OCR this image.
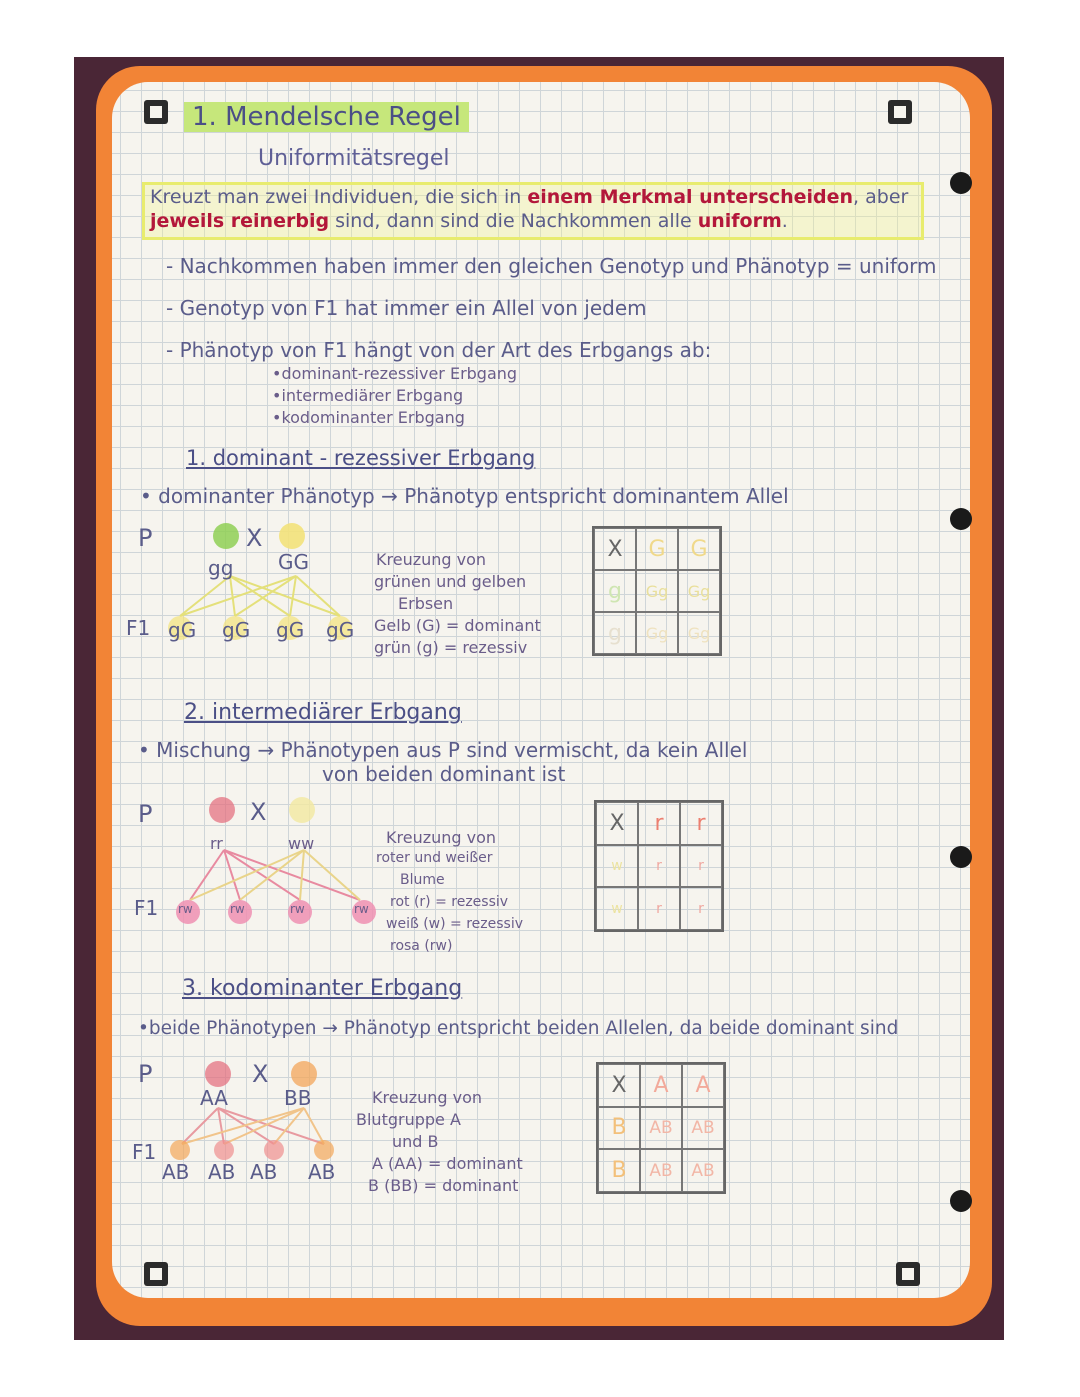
1. Mendelsche Regel
Uniformitätsregel
Kreuzt man zwei Individuen, die sich in einem Merkmal unterscheiden, aber
jeweils reinerbig sind, dann sind die Nachkommen alle uniform.
- Nachkommen haben immer den gleichen Genotyp und Phänotyp = uniform
- Genotyp von F1 hat immer ein Allel von jedem
- Phänotyp von F1 hängt von der Art des Erbgangs ab:
•dominant-rezessiver Erbgang
•intermediärer Erbgang
•kodominanter Erbgang
1. dominant - rezessiver Erbgang
• dominanter Phänotyp → Phänotyp entspricht dominantem Allel
P	X
gg GG
F1 gG gG gG gG
Kreuzung von
grünen und gelben
Erbsen
Gelb (G) = dominant
grün (g) = rezessiv
X	G	G
g	Gg	Gg
g	Gg	Gg
2. intermediärer Erbgang
• Mischung → Phänotypen aus P sind vermischt, da kein Allel
von beiden dominant ist
P	X
rr	ww
F1 rw	rw	rw	rw
Kreuzung von
roter und weißer
Blume
rot (r) = rezessiv
weiß (w) = rezessiv
rosa (rw)
X	r	r
w	r	r
w	r	r
3. kodominanter Erbgang
•beide Phänotypen → Phänotyp entspricht beiden Allelen, da beide dominant sind
P	X
AA	BB
F1
AB AB AB AB
Kreuzung von
Blutgruppe A
und B
A (AA) = dominant
B (BB) = dominant
X	A	A
B	AB	AB
B	AB	AB
